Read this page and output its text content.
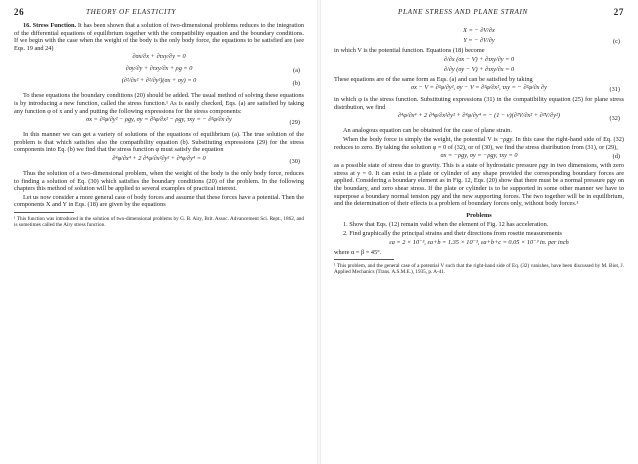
26	THEORY OF ELASTICITY

16. Stress Function. It has been shown that a solution of two-dimensional problems reduces to the integration of the differential equations of equilibrium together with the compatibility equation and the boundary conditions. If we begin with the case when the weight of the body is the only body force, the equations to be satisfied are (see Eqs. 19 and 24)

∂σx/∂x + ∂τxy/∂y = 0
∂σy/∂y + ∂τxy/∂x + ρg = 0	(a)
(∂²/∂x² + ∂²/∂y²)(σx + σy) = 0	(b)

To these equations the boundary conditions (20) should be added. The usual method of solving these equations is by introducing a new function, called the stress function.¹ As is easily checked, Eqs. (a) are satisfied by taking any function φ of x and y and putting the following expressions for the stress components:

σx = ∂²φ/∂y² − ρgy, σy = ∂²φ/∂x² − ρgy, τxy = − ∂²φ/∂x ∂y	(29)

In this manner we can get a variety of solutions of the equations of equilibrium (a). The true solution of the problem is that which satisfies also the compatibility equation (b). Substituting expressions (29) for the stress components into Eq. (b) we find that the stress function φ must satisfy the equation

∂⁴φ/∂x⁴ + 2 ∂⁴φ/∂x²∂y² + ∂⁴φ/∂y⁴ = 0	(30)

Thus the solution of a two-dimensional problem, when the weight of the body is the only body force, reduces to finding a solution of Eq. (30) which satisfies the boundary conditions (20) of the problem. In the following chapters this method of solution will be applied to several examples of practical interest.

Let us now consider a more general case of body forces and assume that these forces have a potential. Then the components X and Y in Eqs. (18) are given by the equations

¹ This function was introduced in the solution of two-dimensional problems by G. B. Airy, Brit. Assoc. Advancement Sci. Rept., 1862, and is sometimes called the Airy stress function.
PLANE STRESS AND PLANE STRAIN	27
X = − ∂V/∂x
Y = − ∂V/∂y	(c)

in which V is the potential function. Equations (18) become

∂/∂x (σx − V) + ∂τxy/∂y = 0
∂/∂y (σy − V) + ∂τxy/∂x = 0

These equations are of the same form as Eqs. (a) and can be satisfied by taking

σx − V = ∂²φ/∂y², σy − V = ∂²φ/∂x², τxy = − ∂²φ/∂x ∂y	(31)

in which φ is the stress function. Substituting expressions (31) in the compatibility equation (25) for plane stress distribution, we find

∂⁴φ/∂x⁴ + 2 ∂⁴φ/∂x²∂y² + ∂⁴φ/∂y⁴ = − (1 − ν)(∂²V/∂x² + ∂²V/∂y²)	(32)

An analogous equation can be obtained for the case of plane strain.

When the body force is simply the weight, the potential V is −ρgy. In this case the right-hand side of Eq. (32) reduces to zero. By taking the solution φ = 0 of (32), or of (30), we find the stress distribution from (31), or (29),

σx = −ρgy, σy = −ρgy, τxy = 0	(d)

as a possible state of stress due to gravity. This is a state of hydrostatic pressure ρgy in two dimensions, with zero stress at y = 0. It can exist in a plate or cylinder of any shape provided the corresponding boundary forces are applied. Considering a boundary element as in Fig. 12, Eqs. (20) show that there must be a normal pressure ρgy on the boundary, and zero shear stress. If the plate or cylinder is to be supported in some other manner we have to superpose a boundary normal tension ρgy and the new supporting forces. The two together will be in equilibrium, and the determination of their effects is a problem of boundary forces only, without body forces.¹

Problems

1. Show that Eqs. (12) remain valid when the element of Fig. 12 has acceleration.

2. Find graphically the principal strains and their directions from rosette measurements

εa = 2 × 10⁻³, εa+b = 1.35 × 10⁻³, εa+b+c = 0.05 × 10⁻³ in. per inch

where α = β = 45°.

¹ This problem, and the general case of a potential V such that the right-hand side of Eq. (32) vanishes, have been discussed by M. Biot, J. Applied Mechanics (Trans. A.S.M.E.), 1935, p. A-41.
